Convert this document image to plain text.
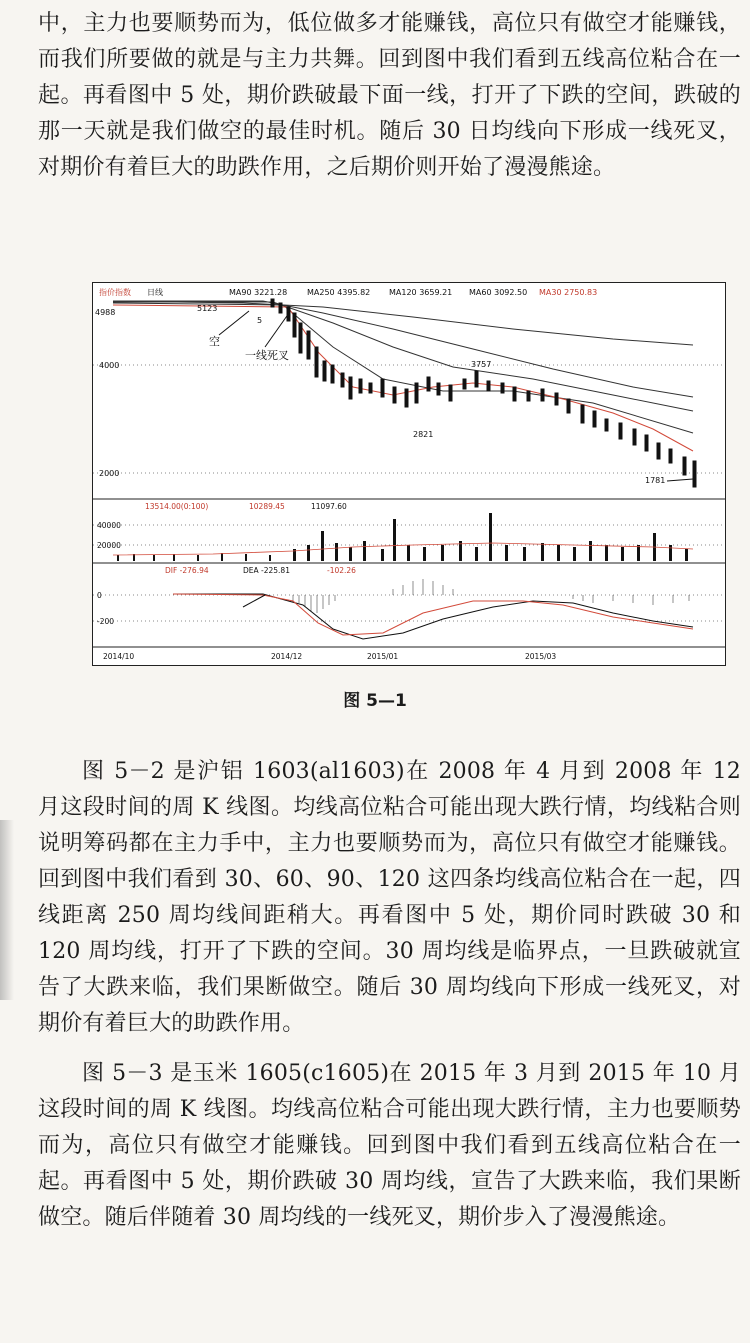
中，主力也要顺势而为，低位做多才能赚钱，高位只有做空才能赚钱，而我们所要做的就是与主力共舞。回到图中我们看到五线高位粘合在一起。再看图中 5 处，期价跌破最下面一线，打开了下跌的空间，跌破的那一天就是我们做空的最佳时机。随后 30 日均线向下形成一线死叉，对期价有着巨大的助跌作用，之后期价则开始了漫漫熊途。

指价指数 日线	MA90 3221.28 MA250 4395.82 MA120 3659.21 MA60 3092.50 MA30 2750.83
4000
2000
5123
4988
5
3757
2821
1781
空
一线死叉
13514.00(0:100)	10289.45	11097.60
40000
20000
DIF -276.94	DEA -225.81	-102.26
0
-200
2014/10	2014/12	2015/01	2015/03
图 5—1

图 5－2 是沪铝 1603(al1603)在 2008 年 4 月到 2008 年 12 月这段时间的周 K 线图。均线高位粘合可能出现大跌行情，均线粘合则说明筹码都在主力手中，主力也要顺势而为，高位只有做空才能赚钱。回到图中我们看到 30、60、90、120 这四条均线高位粘合在一起，四线距离 250 周均线间距稍大。再看图中 5 处，期价同时跌破 30 和 120 周均线，打开了下跌的空间。30 周均线是临界点，一旦跌破就宣告了大跌来临，我们果断做空。随后 30 周均线向下形成一线死叉，对期价有着巨大的助跌作用。

图 5－3 是玉米 1605(c1605)在 2015 年 3 月到 2015 年 10 月这段时间的周 K 线图。均线高位粘合可能出现大跌行情，主力也要顺势而为，高位只有做空才能赚钱。回到图中我们看到五线高位粘合在一起。再看图中 5 处，期价跌破 30 周均线，宣告了大跌来临，我们果断做空。随后伴随着 30 周均线的一线死叉，期价步入了漫漫熊途。
